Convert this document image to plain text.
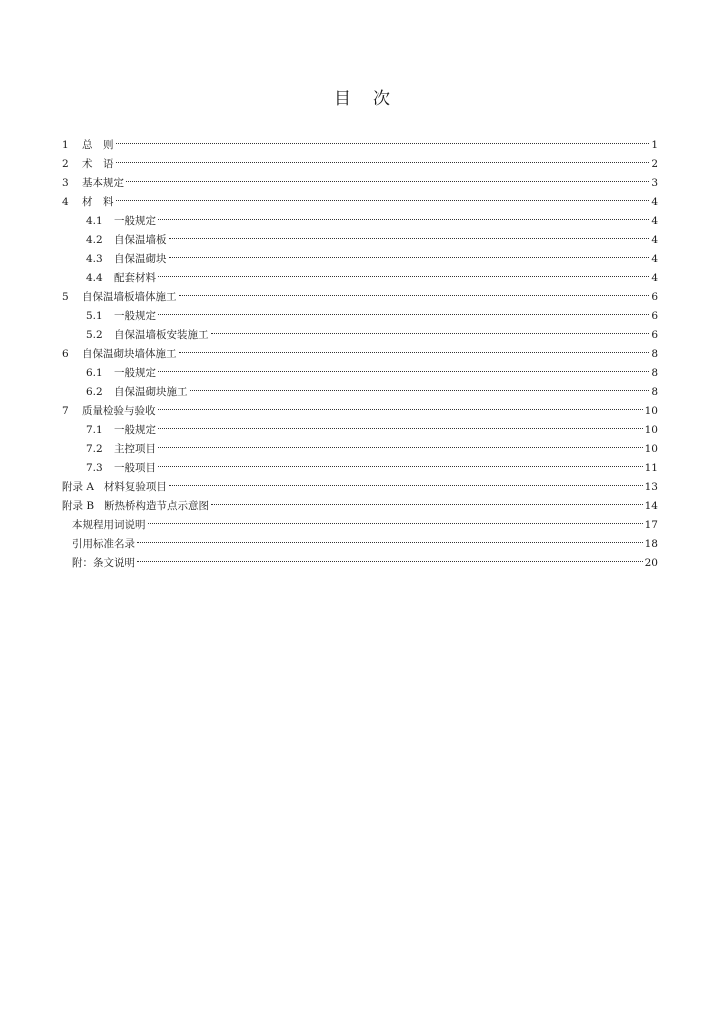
目 次
1	总　则	1
2	术　语	2
3	基本规定	3
4	材　料	4
4.1	一般规定	4
4.2	自保温墙板	4
4.3	自保温砌块	4
4.4	配套材料	4
5	自保温墙板墙体施工	6
5.1	一般规定	6
5.2	自保温墙板安装施工	6
6	自保温砌块墙体施工	8
6.1	一般规定	8
6.2	自保温砌块施工	8
7	质量检验与验收	10
7.1	一般规定	10
7.2	主控项目	10
7.3	一般项目	11
附录 A 材料复验项目	13
附录 B 断热桥构造节点示意图	14
本规程用词说明	17
引用标准名录	18
附：条文说明	20
